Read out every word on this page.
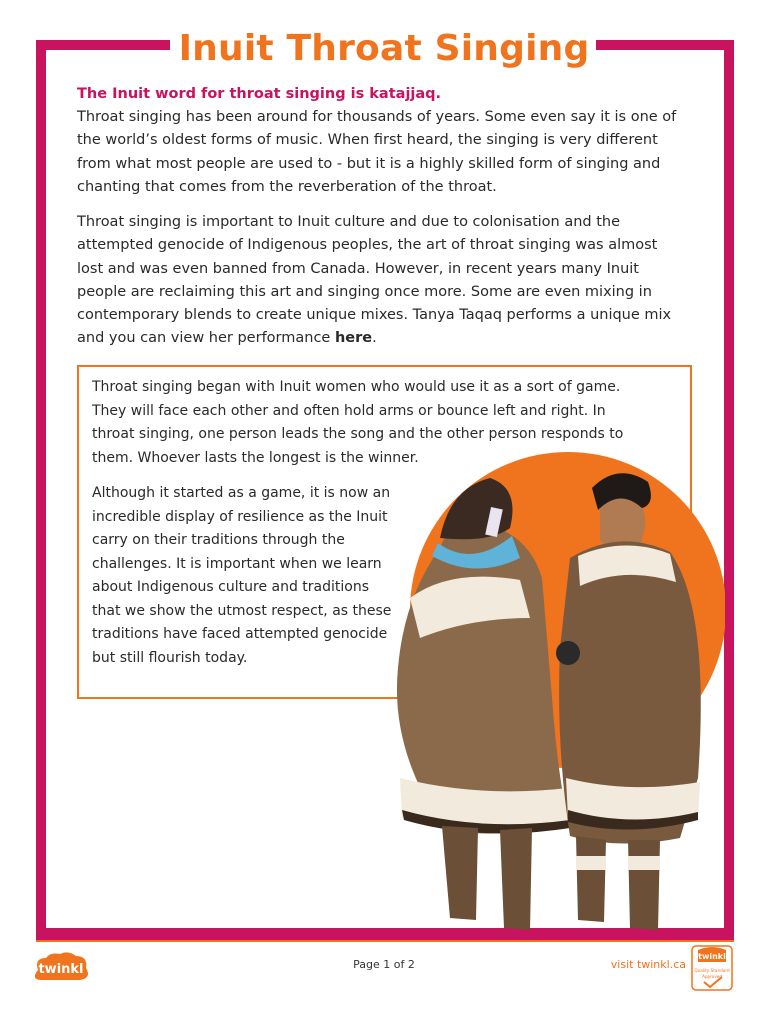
Inuit Throat Singing
The Inuit word for throat singing is katajjaq.

Throat singing has been around for thousands of years. Some even say it is one of the world’s oldest forms of music. When first heard, the singing is very different from what most people are used to - but it is a highly skilled form of singing and chanting that comes from the reverberation of the throat.

Throat singing is important to Inuit culture and due to colonisation and the attempted genocide of Indigenous peoples, the art of throat singing was almost lost and was even banned from Canada. However, in recent years many Inuit people are reclaiming this art and singing once more. Some are even mixing in contemporary blends to create unique mixes. Tanya Taqaq performs a unique mix and you can view her performance here.

Throat singing began with Inuit women who would use it as a sort of game. They will face each other and often hold arms or bounce left and right. In throat singing, one person leads the song and the other person responds to them. Whoever lasts the longest is the winner.

Although it started as a game, it is now an incredible display of resilience as the Inuit carry on their traditions through the challenges. It is important when we learn about Indigenous culture and traditions that we show the utmost respect, as these traditions have faced attempted genocide but still flourish today.

twinkl	Page 1 of 2	visit twinkl.ca
twinkl
Quality Standard
Approved
